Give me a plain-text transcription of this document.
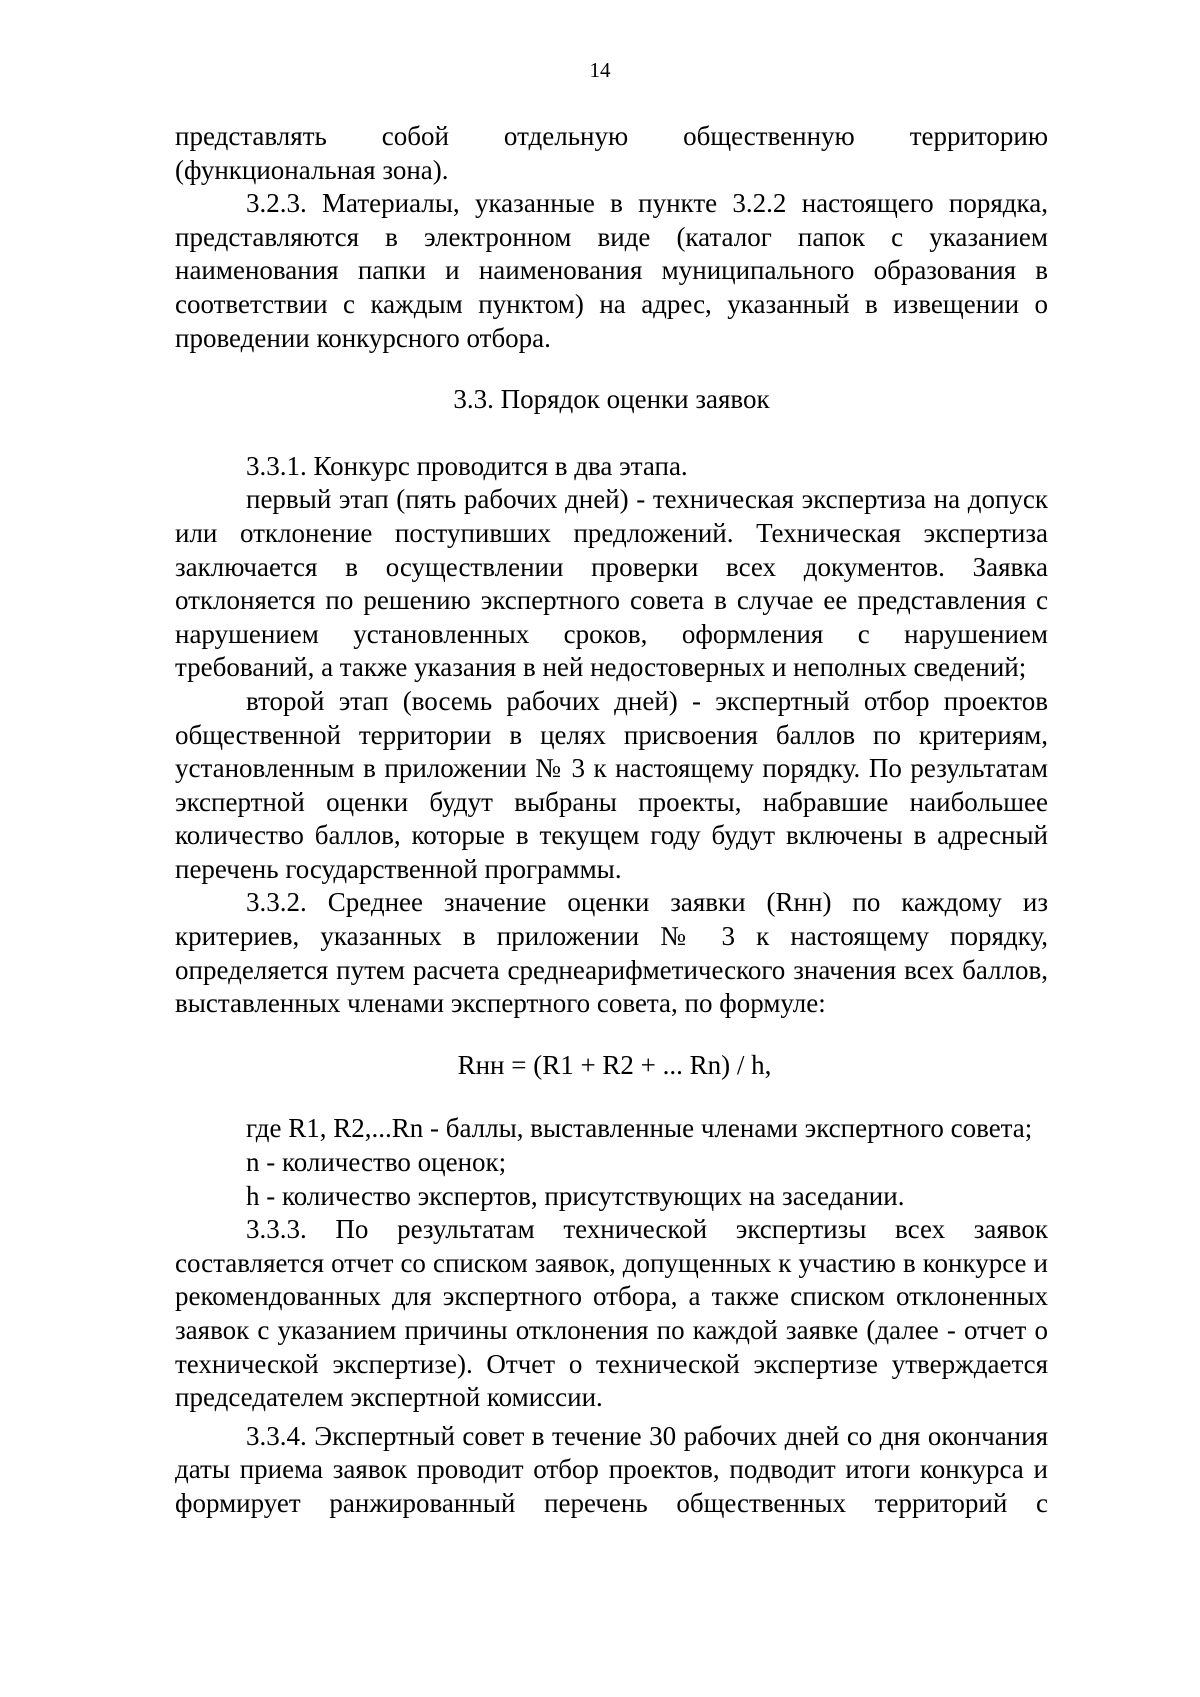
14

представлять собой отдельную общественную территорию (функциональная зона).

3.2.3. Материалы, указанные в пункте 3.2.2 настоящего порядка, представляются в электронном виде (каталог папок с указанием наименования папки и наименования муниципального образования в соответствии с каждым пунктом) на адрес, указанный в извещении о проведении конкурсного отбора.

3.3. Порядок оценки заявок

3.3.1. Конкурс проводится в два этапа.

первый этап (пять рабочих дней) - техническая экспертиза на допуск или отклонение поступивших предложений. Техническая экспертиза заключается в осуществлении проверки всех документов. Заявка отклоняется по решению экспертного совета в случае ее представления с нарушением установленных сроков, оформления с нарушением требований, а также указания в ней недостоверных и неполных сведений;

второй этап (восемь рабочих дней) - экспертный отбор проектов общественной территории в целях присвоения баллов по критериям, установленным в приложении № 3 к настоящему порядку. По результатам экспертной оценки будут выбраны проекты, набравшие наибольшее количество баллов, которые в текущем году будут включены в адресный перечень государственной программы.

3.3.2. Среднее значение оценки заявки (Rнн) по каждому из критериев, указанных в приложении № 3 к настоящему порядку, определяется путем расчета среднеарифметического значения всех баллов, выставленных членами экспертного совета, по формуле:

Rнн = (R1 + R2 + ... Rn) / h,

где R1, R2,...Rn - баллы, выставленные членами экспертного совета;

n - количество оценок;

h - количество экспертов, присутствующих на заседании.

3.3.3. По результатам технической экспертизы всех заявок составляется отчет со списком заявок, допущенных к участию в конкурсе и рекомендованных для экспертного отбора, а также списком отклоненных заявок с указанием причины отклонения по каждой заявке (далее - отчет о технической экспертизе). Отчет о технической экспертизе утверждается председателем экспертной комиссии.

3.3.4. Экспертный совет в течение 30 рабочих дней со дня окончания даты приема заявок проводит отбор проектов, подводит итоги конкурса и формирует ранжированный перечень общественных территорий с
